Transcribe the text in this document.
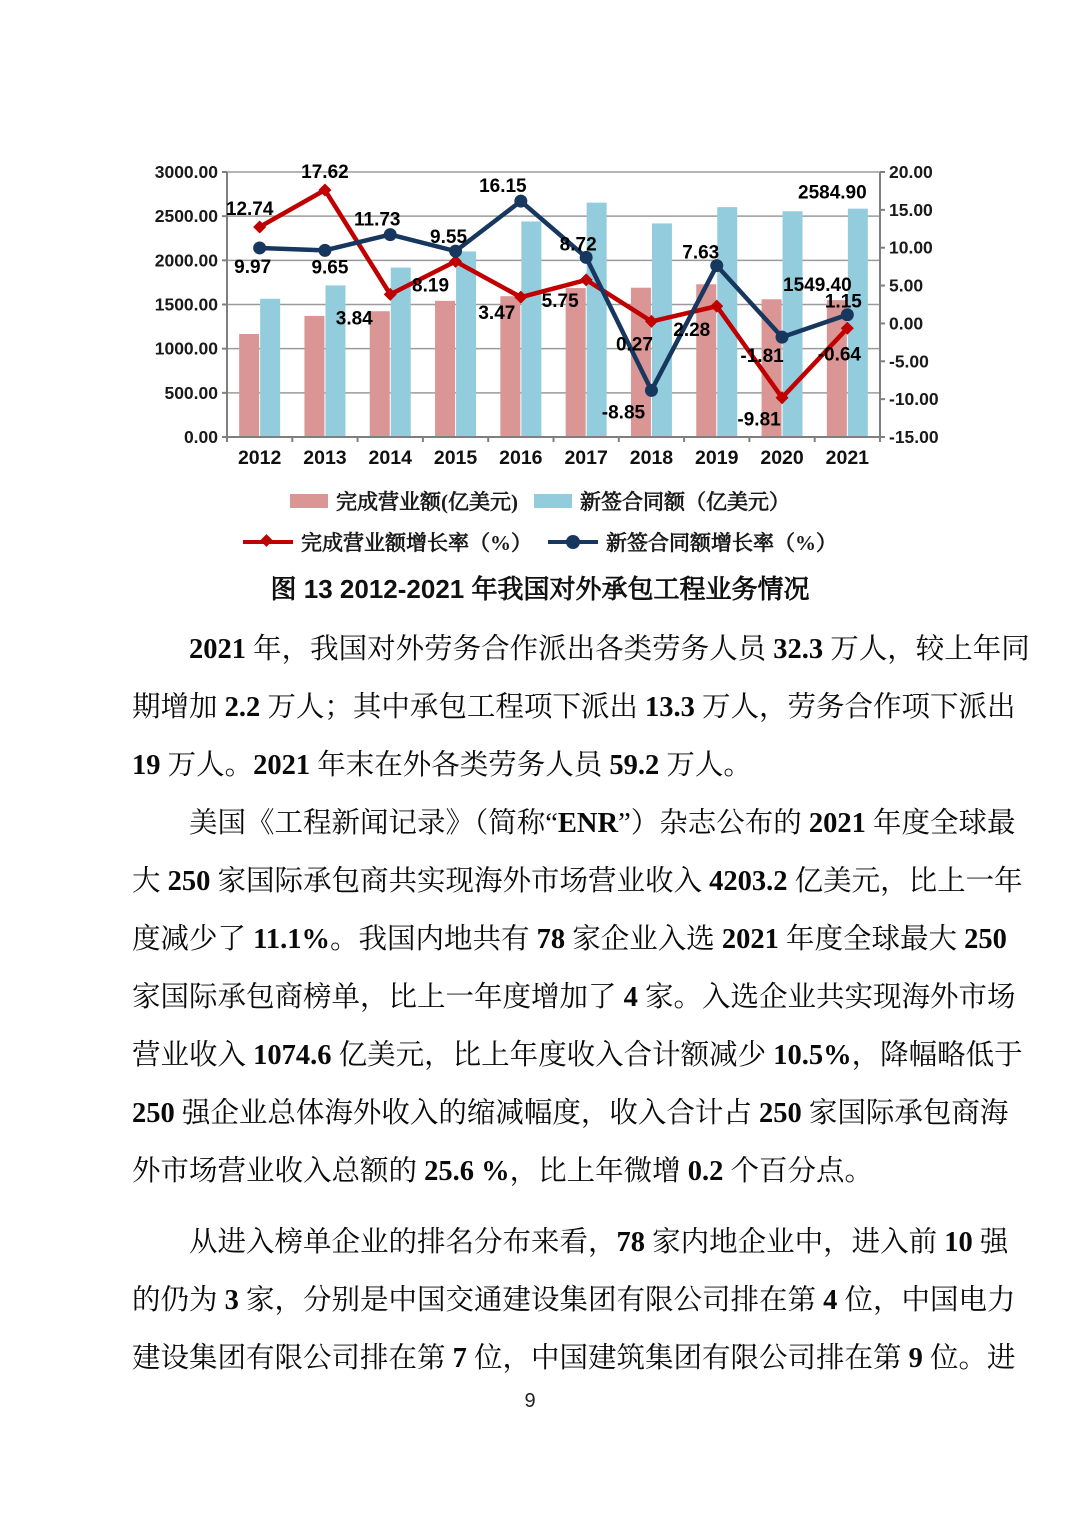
0.00
500.00
1000.00
1500.00
2000.00
2500.00
3000.00
-15.00
-10.00
-5.00
0.00
5.00
10.00
15.00
20.00
2012 2013 2014 2015 2016 2017 2018 2019 2020 2021
12.74
17.62
3.84
8.19
3.47
5.75
0.27
2.28
-9.81
-0.64
9.97 9.65
11.73
9.55
16.15
8.72
-8.85
7.63
-1.81
1.15
1549.40
2584.90
完成营业额(亿美元)	新签合同额（亿美元）
完成营业额增长率（%）	新签合同额增长率（%）
图 13 2012-2021 年我国对外承包工程业务情况
2021 年，我国对外劳务合作派出各类劳务人员 32.3 万人，较上年同
期增加 2.2 万人；其中承包工程项下派出 13.3 万人，劳务合作项下派出
19 万人。2021 年末在外各类劳务人员 59.2 万人。
美国《工程新闻记录》（简称“ENR”）杂志公布的 2021 年度全球最
大 250 家国际承包商共实现海外市场营业收入 4203.2 亿美元，比上一年
度减少了 11.1%。我国内地共有 78 家企业入选 2021 年度全球最大 250
家国际承包商榜单，比上一年度增加了 4 家。入选企业共实现海外市场
营业收入 1074.6 亿美元，比上年度收入合计额减少 10.5%，降幅略低于
250 强企业总体海外收入的缩减幅度，收入合计占 250 家国际承包商海
外市场营业收入总额的 25.6 %，比上年微增 0.2 个百分点。
从进入榜单企业的排名分布来看，78 家内地企业中，进入前 10 强
的仍为 3 家，分别是中国交通建设集团有限公司排在第 4 位，中国电力
建设集团有限公司排在第 7 位，中国建筑集团有限公司排在第 9 位。进
9
